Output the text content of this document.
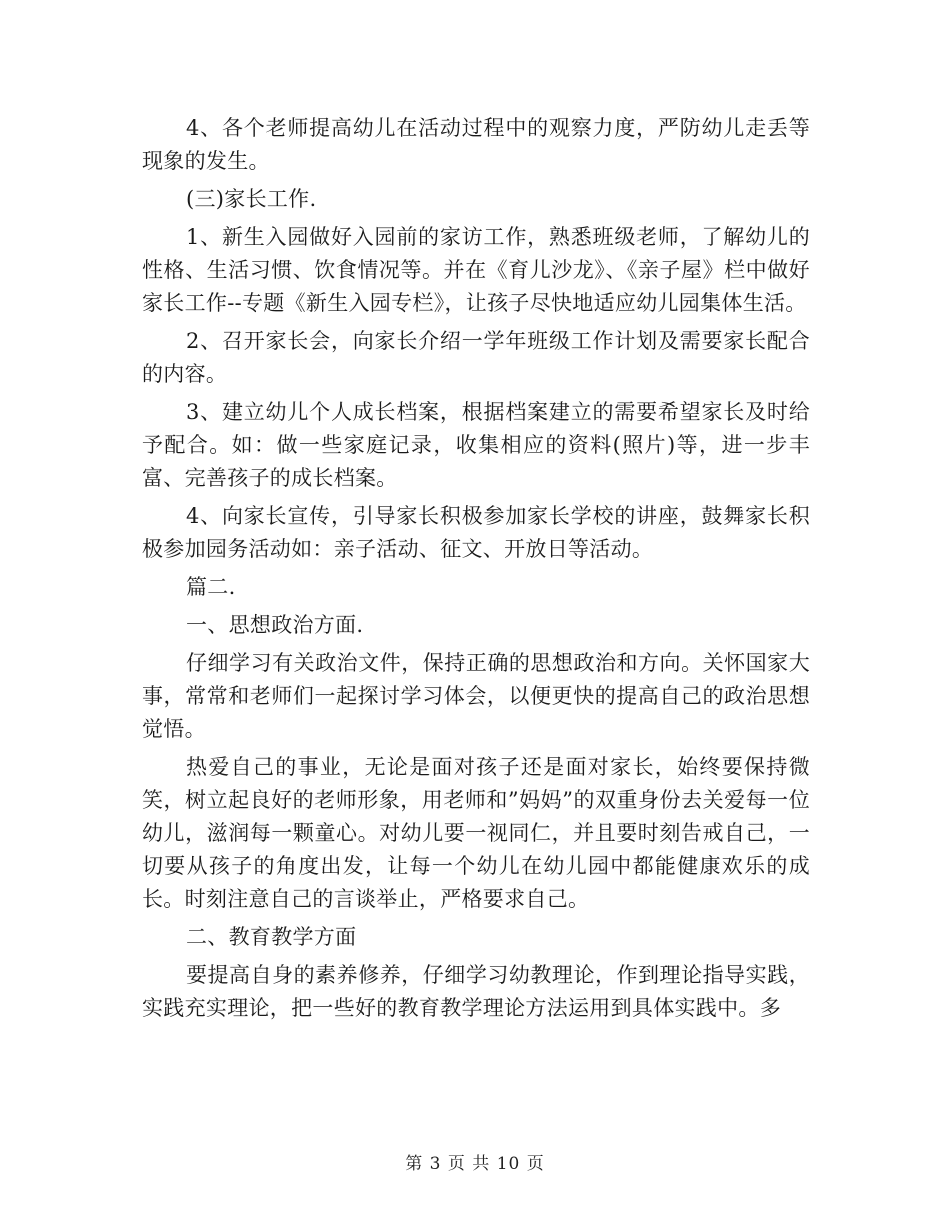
4、各个老师提高幼儿在活动过程中的观察力度，严防幼儿走丢等现象的发生。

(三)家长工作.

1、新生入园做好入园前的家访工作，熟悉班级老师，了解幼儿的性格、生活习惯、饮食情况等。并在《育儿沙龙》、《亲子屋》栏中做好家长工作--专题《新生入园专栏》，让孩子尽快地适应幼儿园集体生活。

2、召开家长会，向家长介绍一学年班级工作计划及需要家长配合的内容。

3、建立幼儿个人成长档案，根据档案建立的需要希望家长及时给予配合。如：做一些家庭记录，收集相应的资料(照片)等，进一步丰富、完善孩子的成长档案。

4、向家长宣传，引导家长积极参加家长学校的讲座，鼓舞家长积极参加园务活动如：亲子活动、征文、开放日等活动。

篇二.

一、思想政治方面.

仔细学习有关政治文件，保持正确的思想政治和方向。关怀国家大事，常常和老师们一起探讨学习体会，以便更快的提高自己的政治思想觉悟。

热爱自己的事业，无论是面对孩子还是面对家长，始终要保持微笑，树立起良好的老师形象，用老师和”妈妈”的双重身份去关爱每一位幼儿，滋润每一颗童心。对幼儿要一视同仁，并且要时刻告戒自己，一切要从孩子的角度出发，让每一个幼儿在幼儿园中都能健康欢乐的成长。时刻注意自己的言谈举止，严格要求自己。

二、教育教学方面

要提高自身的素养修养，仔细学习幼教理论，作到理论指导实践，实践充实理论，把一些好的教育教学理论方法运用到具体实践中。多

第 3 页 共 10 页
